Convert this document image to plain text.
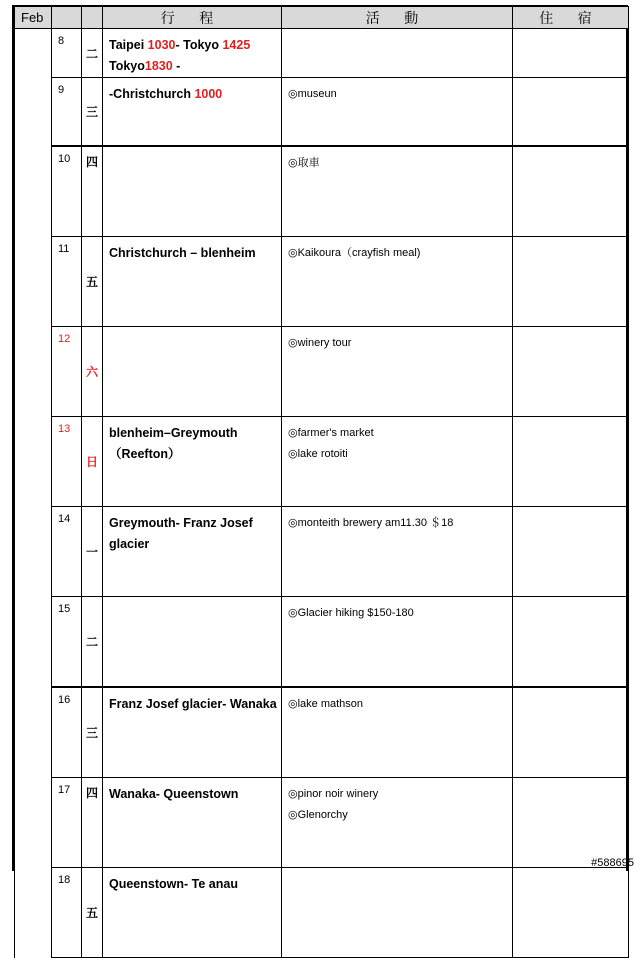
Feb			行 程	活 動	住 宿
	8	二	Taipei 1030- Tokyo 1425 Tokyo1830 -		
	9	三	-Christchurch 1000	◎museun	

	10	四		◎取車	

	11	五	Christchurch – blenheim	◎Kaikoura（crayfish meal)	

	12	六		◎winery tour	

	13	日	blenheim–Greymouth （Reefton）	◎farmer's market
◎lake rotoiti	

	14	一	Greymouth- Franz Josef glacier	◎monteith brewery am11.30 ＄18	

	15	二		◎Glacier hiking $150-180	

	16	三	Franz Josef glacier- Wanaka	◎lake mathson	

	17	四	Wanaka- Queenstown	◎pinor noir winery
◎Glenorchy	

	18	五	Queenstown- Te anau		
#588695
